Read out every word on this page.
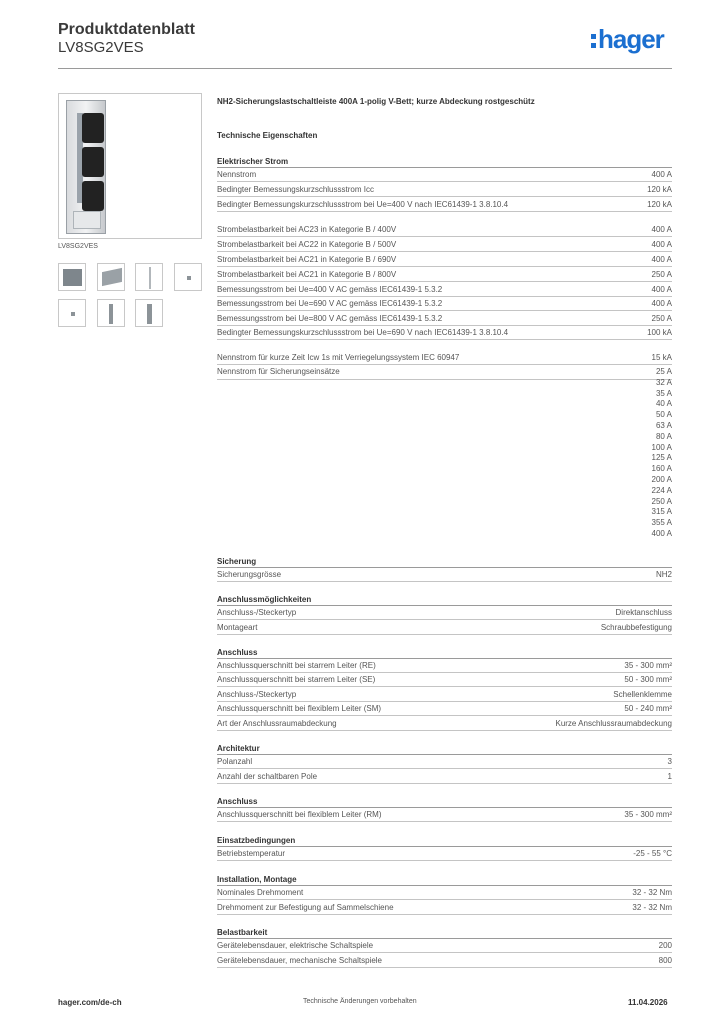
Produktdatenblatt
LV8SG2VES	hager
LV8SG2VES
NH2-Sicherungslastschaltleiste 400A 1-polig V-Bett; kurze Abdeckung rostgeschütz
Technische Eigenschaften
Elektrischer Strom
Nennstrom	400 A
Bedingter Bemessungskurzschlussstrom Icc	120 kA
Bedingter Bemessungskurzschlussstrom bei Ue=400 V nach IEC61439-1 3.8.10.4	120 kA
Strombelastbarkeit bei AC23 in Kategorie B / 400V	400 A
Strombelastbarkeit bei AC22 in Kategorie B / 500V	400 A
Strombelastbarkeit bei AC21 in Kategorie B / 690V	400 A
Strombelastbarkeit bei AC21 in Kategorie B / 800V	250 A
Bemessungsstrom bei Ue=400 V AC gemäss IEC61439-1 5.3.2	400 A
Bemessungsstrom bei Ue=690 V AC gemäss IEC61439-1 5.3.2	400 A
Bemessungsstrom bei Ue=800 V AC gemäss IEC61439-1 5.3.2	250 A
Bedingter Bemessungskurzschlussstrom bei Ue=690 V nach IEC61439-1 3.8.10.4	100 kA
Nennstrom für kurze Zeit Icw 1s mit Verriegelungssystem IEC 60947	15 kA
Nennstrom für Sicherungseinsätze	25 A
32 A
35 A
40 A
50 A
63 A
80 A
100 A
125 A
160 A
200 A
224 A
250 A
315 A
355 A
400 A
Sicherung
Sicherungsgrösse	NH2
Anschlussmöglichkeiten
Anschluss-/Steckertyp	Direktanschluss
Montageart	Schraubbefestigung
Anschluss
Anschlussquerschnitt bei starrem Leiter (RE)	35 - 300 mm²
Anschlussquerschnitt bei starrem Leiter (SE)	50 - 300 mm²
Anschluss-/Steckertyp	Schellenklemme
Anschlussquerschnitt bei flexiblem Leiter (SM)	50 - 240 mm²
Art der Anschlussraumabdeckung	Kurze Anschlussraumabdeckung
Architektur
Polanzahl	3
Anzahl der schaltbaren Pole	1
Anschluss
Anschlussquerschnitt bei flexiblem Leiter (RM)	35 - 300 mm²
Einsatzbedingungen
Betriebstemperatur	-25 - 55 °C
Installation, Montage
Nominales Drehmoment	32 - 32 Nm
Drehmoment zur Befestigung auf Sammelschiene	32 - 32 Nm
Belastbarkeit
Gerätelebensdauer, elektrische Schaltspiele	200
Gerätelebensdauer, mechanische Schaltspiele	800
hager.com/de-ch	Technische Änderungen vorbehalten	11.04.2026
